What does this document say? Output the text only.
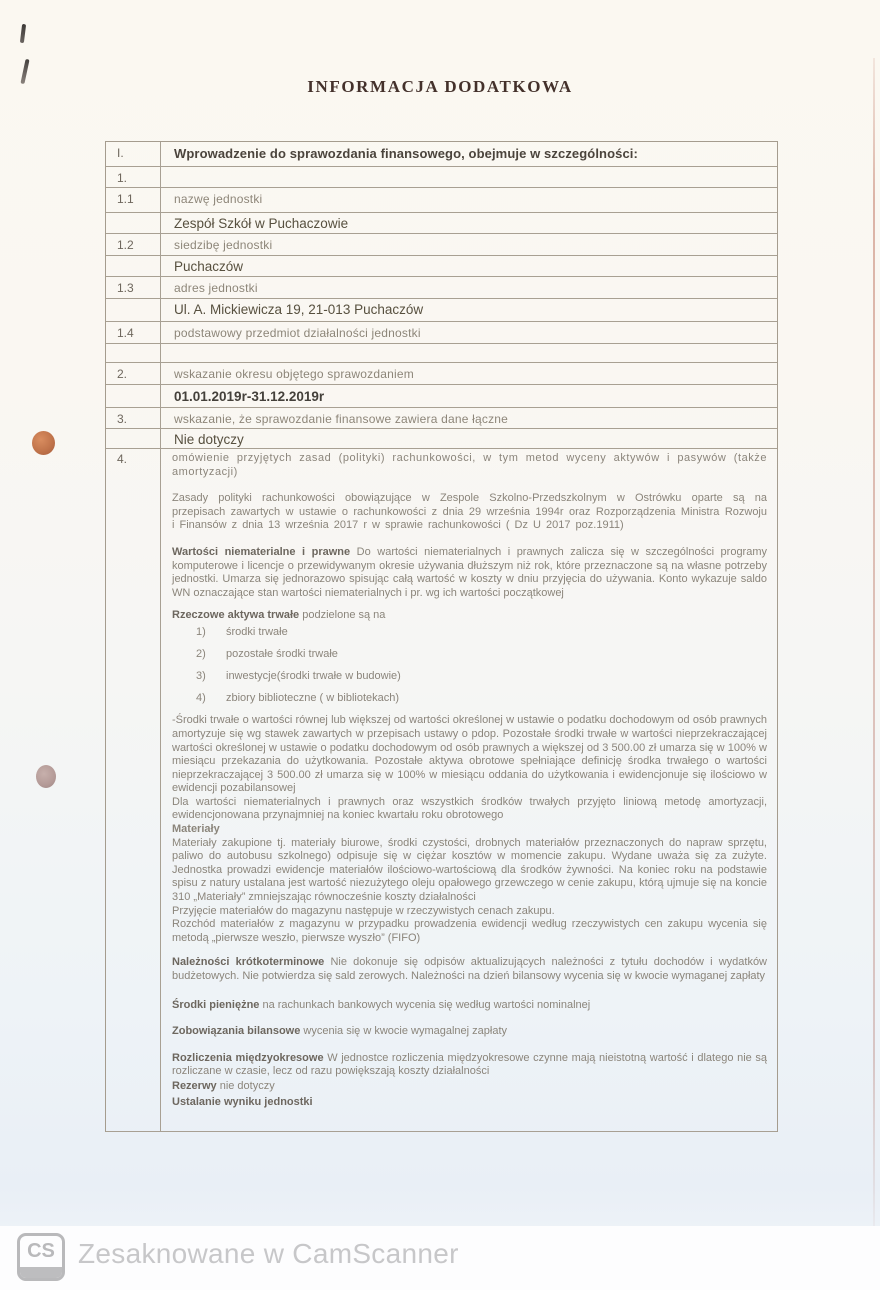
INFORMACJA DODATKOWA
I.	Wprowadzenie do sprawozdania finansowego, obejmuje w szczególności:
1.
1.1	nazwę jednostki
Zespół Szkół w Puchaczowie
1.2	siedzibę jednostki
Puchaczów
1.3	adres jednostki
Ul. A. Mickiewicza 19, 21-013 Puchaczów
1.4	podstawowy przedmiot działalności jednostki
2.	wskazanie okresu objętego sprawozdaniem
01.01.2019r-31.12.2019r
3.	wskazanie, że sprawozdanie finansowe zawiera dane łączne
Nie dotyczy
4.	omówienie przyjętych zasad (polityki) rachunkowości, w tym metod wyceny aktywów i pasywów (także amortyzacji)

Zasady polityki rachunkowości obowiązujące w Zespole Szkolno-Przedszkolnym w Ostrówku oparte są na przepisach zawartych w ustawie o rachunkowości z dnia 29 września 1994r oraz Rozporządzenia Ministra Rozwoju i Finansów z dnia 13 września 2017 r w sprawie rachunkowości ( Dz U 2017 poz.1911)

Wartości niematerialne i prawne Do wartości niematerialnych i prawnych zalicza się w szczególności programy komputerowe i licencje o przewidywanym okresie używania dłuższym niż rok, które przeznaczone są na własne potrzeby jednostki. Umarza się jednorazowo spisując całą wartość w koszty w dniu przyjęcia do używania. Konto wykazuje saldo WN oznaczające stan wartości niematerialnych i pr. wg ich wartości początkowej

Rzeczowe aktywa trwałe podzielone są na

1)	środki trwałe
2)	pozostałe środki trwałe
3)	inwestycje(środki trwałe w budowie)
4)	zbiory biblioteczne ( w bibliotekach)

-Środki trwałe o wartości równej lub większej od wartości określonej w ustawie o podatku dochodowym od osób prawnych amortyzuje się wg stawek zawartych w przepisach ustawy o pdop. Pozostałe środki trwałe w wartości nieprzekraczającej wartości określonej w ustawie o podatku dochodowym od osób prawnych a większej od 3 500.00 zł umarza się w 100% w miesiącu przekazania do użytkowania. Pozostałe aktywa obrotowe spełniające definicję środka trwałego o wartości nieprzekraczającej 3 500.00 zł umarza się w 100% w miesiącu oddania do użytkowania i ewidencjonuje się ilościowo w ewidencji pozabilansowej

Dla wartości niematerialnych i prawnych oraz wszystkich środków trwałych przyjęto liniową metodę amortyzacji, ewidencjonowana przynajmniej na koniec kwartału roku obrotowego

Materiały

Materiały zakupione tj. materiały biurowe, środki czystości, drobnych materiałów przeznaczonych do napraw sprzętu, paliwo do autobusu szkolnego) odpisuje się w ciężar kosztów w momencie zakupu. Wydane uważa się za zużyte. Jednostka prowadzi ewidencje materiałów ilościowo-wartościową dla środków żywności. Na koniec roku na podstawie spisu z natury ustalana jest wartość niezużytego oleju opałowego grzewczego w cenie zakupu, którą ujmuje się na koncie 310 „Materiały” zmniejszając równocześnie koszty działalności

Przyjęcie materiałów do magazynu następuje w rzeczywistych cenach zakupu.

Rozchód materiałów z magazynu w przypadku prowadzenia ewidencji według rzeczywistych cen zakupu wycenia się metodą „pierwsze weszło, pierwsze wyszło” (FIFO)

Należności krótkoterminowe Nie dokonuje się odpisów aktualizujących należności z tytułu dochodów i wydatków budżetowych. Nie potwierdza się sald zerowych. Należności na dzień bilansowy wycenia się w kwocie wymaganej zapłaty

Środki pieniężne na rachunkach bankowych wycenia się według wartości nominalnej

Zobowiązania bilansowe wycenia się w kwocie wymagalnej zapłaty

Rozliczenia międzyokresowe W jednostce rozliczenia międzyokresowe czynne mają nieistotną wartość i dlatego nie są rozliczane w czasie, lecz od razu powiększają koszty działalności

Rezerwy nie dotyczy

Ustalanie wyniku jednostki

CS Zesaknowane w CamScanner
